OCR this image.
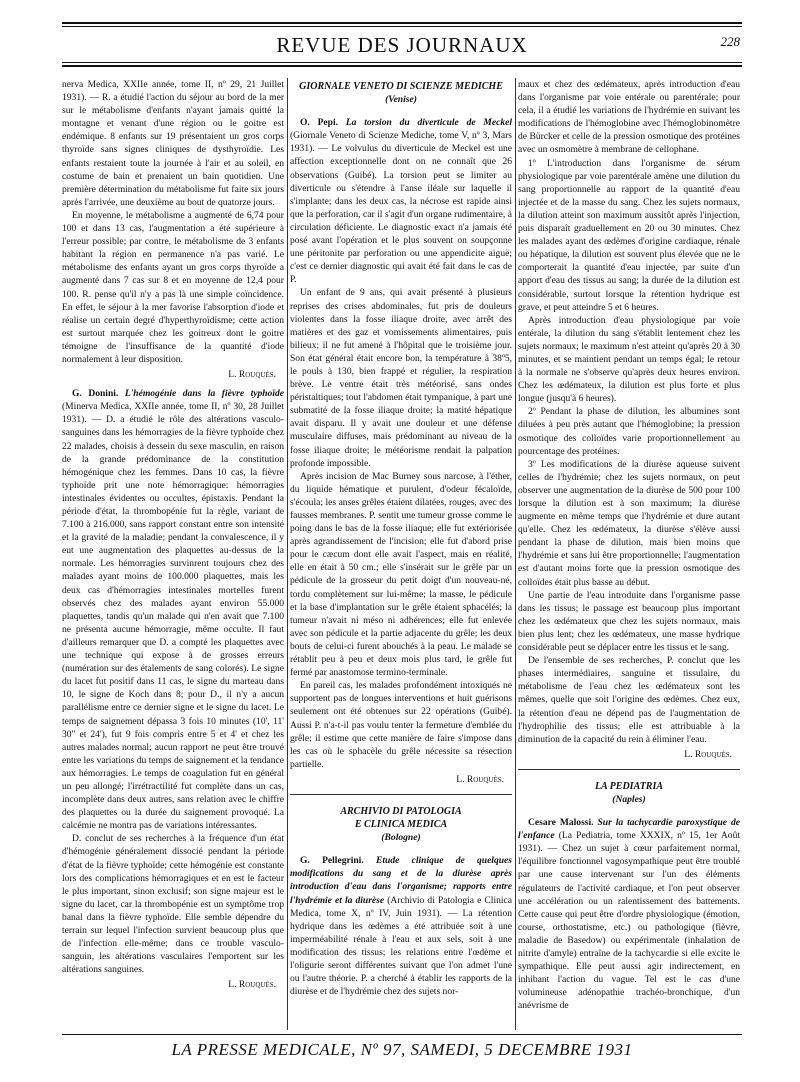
REVUE DES JOURNAUX	228

nerva Medica, XXIIe année, tome II, nº 29, 21 Juillet 1931). — R. a étudié l'action du séjour au bord de la mer sur le métabolisme d'enfants n'ayant jamais quitté la montagne et venant d'une région ou le goitre est endémique. 8 enfants sur 19 présentaient un gros corps thyroïde sans signes cliniques de dysthyroïdie. Les enfants restaient toute la journée à l'air et au soleil, en costume de bain et prenaient un bain quotidien. Une première détermination du métabolisme fut faite six jours après l'arrivée, une deuxième au bout de quatorze jours.

En moyenne, le métabolisme a augmenté de 6,74 pour 100 et dans 13 cas, l'augmentation a été supérieure à l'erreur possible; par contre, le métabolisme de 3 enfants habitant la région en permanence n'a pas varié. Le métabolisme des enfants ayant un gros corps thyroïde a augmenté dans 7 cas sur 8 et en moyenne de 12,4 pour 100. R. pense qu'il n'y a pas là une simple coïncidence. En effet, le séjour à la mer favorise l'absorption d'iode et réalise un certain degré d'hyperthyroïdisme; cette action est surtout marquée chez les goitreux dont le goitre témoigne de l'insuffisance de la quantité d'iode normalement à leur disposition.

L. Rouquès.

G. Donini. L'hémogénie dans la fièvre typhoïde (Minerva Medica, XXIIe année, tome II, nº 30, 28 Juillet 1931). — D. a étudié le rôle des altérations vasculo-sanguines dans les hémorragies de la fièvre typhoïde chez 22 malades, choisis à dessein du sexe masculin, en raison de la grande prédominance de la constitution hémogénique chez les femmes. Dans 10 cas, la fièvre typhoïde prit une note hémorragique: hémorragies intestinales évidentes ou occultes, épistaxis. Pendant la période d'état, la thrombopénie fut la règle, variant de 7.100 à 216.000, sans rapport constant entre son intensité et la gravité de la maladie; pendant la convalescence, il y eut une augmentation des plaquettes au-dessus de la normale. Les hémorragies survinrent toujours chez des malades ayant moins de 100.000 plaquettes, mais les deux cas d'hémorragies intestinales mortelles furent observés chez des malades ayant environ 55.000 plaquettes, tandis qu'un malade qui n'en avait que 7.100 ne présenta aucune hémorragie, même occulte. Il faut d'ailleurs remarquer que D. a compté les plaquettes avec une technique qui expose à de grosses erreurs (numération sur des étalements de sang colorés). Le signe du lacet fut positif dans 11 cas, le signe du marteau dans 10, le signe de Koch dans 8; pour D., il n'y a aucun parallélisme entre ce dernier signe et le signe du lacet. Le temps de saignement dépassa 3 fois 10 minutes (10', 11' 30" et 24'), fut 9 fois compris entre 5 et 4' et chez les autres malades normal; aucun rapport ne peut être trouvé entre les variations du temps de saignement et la tendance aux hémorragies. Le temps de coagulation fut en général un peu allongé; l'irrétractilité fut complète dans un cas, incomplète dans deux autres, sans relation avec le chiffre des plaquettes ou la durée du saignement provoqué. La calcémie ne montra pas de variations intéressantes.

D. conclut de ses recherches à la fréquence d'un état d'hémogénie généralement dissocié pendant la période d'état de la fièvre typhoïde; cette hémogénie est constante lors des complications hémorragiques et en est le facteur le plus important, sinon exclusif; son signe majeur est le signe du lacet, car la thrombopénie est un symptôme trop banal dans la fièvre typhoïde. Elle semble dépendre du terrain sur lequel l'infection survient beaucoup plus que de l'infection elle-même; dans ce trouble vasculo-sanguin, les altérations vasculaires l'emportent sur les altérations sanguines.

L. Rouquès.

GIORNALE VENETO DI SCIENZE MEDICHE
(Venise)

O. Pepi. La torsion du diverticule de Meckel (Giornale Veneto di Scienze Mediche, tome V, nº 3, Mars 1931). — Le volvulus du diverticule de Meckel est une affection exceptionnelle dont on ne connaît que 26 observations (Guibé). La torsion peut se limiter au diverticule ou s'étendre à l'anse iléale sur laquelle il s'implante; dans les deux cas, la nécrose est rapide ainsi que la perforation, car il s'agit d'un organe rudimentaire, à circulation déficiente. Le diagnostic exact n'a jamais été posé avant l'opération et le plus souvent on soupçonne une péritonite par perforation ou une appendicite aiguë; c'est ce dernier diagnostic qui avait été fait dans le cas de P.

Un enfant de 9 ans, qui avait présenté à plusieurs reprises des crises abdominales, fut pris de douleurs violentes dans la fosse iliaque droite, avec arrêt des matières et des gaz et vomissements alimentaires, puis bilieux; il ne fut amené à l'hôpital que le troisième jour. Son état général était encore bon, la température à 38º5, le pouls à 130, bien frappé et régulier, la respiration brève. Le ventre était très météorisé, sans ondes péristaltiques; tout l'abdomen était tympanique, à part une submatité de la fosse iliaque droite; la matité hépatique avait disparu. Il y avait une douleur et une défense musculaire diffuses, mais prédominant au niveau de la fosse iliaque droite; le météorisme rendait la palpation profonde impossible.

Après incision de Mac Burney sous narcose, à l'éther, du liquide hématique et purulent, d'odeur fécaloïde, s'écoula; les anses grêles étaient dilatées, rouges, avec des fausses membranes. P. sentit une tumeur grosse comme le poing dans le bas de la fosse iliaque; elle fut extériorisée après agrandissement de l'incision; elle fut d'abord prise pour le cæcum dont elle avait l'aspect, mais en réalité, elle en était à 50 cm.; elle s'insérait sur le grêle par un pédicule de la grosseur du petit doigt d'un nouveau-né, tordu complètement sur lui-même; la masse, le pédicule et la base d'implantation sur le grêle étaient sphacélés; la tumeur n'avait ni méso ni adhérences; elle fut enlevée avec son pédicule et la partie adjacente du grêle; les deux bouts de celui-ci furent abouchés à la peau. Le malade se rétablit peu à peu et deux mois plus tard, le grêle fut fermé par anastomose termino-terminale.

En pareil cas, les malades profondément intoxiqués ne supportent pas de longues interventions et huit guérisons seulement ont été obtenues sur 22 opérations (Guibé). Aussi P. n'a-t-il pas voulu tenter la fermeture d'emblée du grêle; il estime que cette manière de faire s'impose dans les cas où le sphacèle du grêle nécessite sa résection partielle.

L. Rouquès.

ARCHIVIO DI PATOLOGIA
E CLINICA MEDICA
(Bologne)

G. Pellegrini. Etude clinique de quelques modifications du sang et de la diurèse après introduction d'eau dans l'organisme; rapports entre l'hydrémie et la diurèse (Archivio di Patologia e Clinica Medica, tome X, nº IV, Juin 1931). — La rétention hydrique dans les œdèmes a été attribuée soit à une imperméabilité rénale à l'eau et aux sels, soit à une modification des tissus; les relations entre l'œdème et l'oligurie seront différentes suivant que l'on admet l'une ou l'autre théorie. P. a cherché à établir les rapports de la diurèse et de l'hydrémie chez des sujets nor-

maux et chez des œdémateux, après introduction d'eau dans l'organisme par voie entérale ou parentérale; pour cela, il a étudié les variations de l'hydrémie en suivant les modifications de l'hémoglobine avec l'hémoglobinomètre de Bürcker et celle de la pression osmotique des protéines avec un osmomètre à membrane de cellophane.

1º L'introduction dans l'organisme de sérum physiologique par voie parentérale amène une dilution du sang proportionnelle au rapport de la quantité d'eau injectée et de la masse du sang. Chez les sujets normaux, la dilution atteint son maximum aussitôt après l'injection, puis disparaît graduellement en 20 ou 30 minutes. Chez les malades ayant des œdèmes d'origine cardiaque, rénale ou hépatique, la dilution est souvent plus élevée que ne le comporterait la quantité d'eau injectée, par suite d'un apport d'eau des tissus au sang; la durée de la dilution est considérable, surtout lorsque la rétention hydrique est grave, et peut atteindre 5 et 6 heures.

Après introduction d'eau physiologique par voie entérale, la dilution du sang s'établit lentement chez les sujets normaux; le maximum n'est atteint qu'après 20 à 30 minutes, et se maintient pendant un temps égal; le retour à la normale ne s'observe qu'après deux heures environ. Chez les œdémateux, la dilution est plus forte et plus longue (jusqu'à 6 heures).

2º Pendant la phase de dilution, les albumines sont diluées à peu près autant que l'hémoglobine; la pression osmotique des colloïdes varie proportionnellement au pourcentage des protéines.

3º Les modifications de la diurèse aqueuse suivent celles de l'hydrémie; chez les sujets normaux, on peut observer une augmentation de la diurèse de 500 pour 100 lorsque la dilution est à son maximum; la diurèse augmente en même temps que l'hydrémie et dure autant qu'elle. Chez les œdémateux, la diurèse s'élève aussi pendant la phase de dilution, mais bien moins que l'hydrémie et sans lui être proportionnelle; l'augmentation est d'autant moins forte que la pression osmotique des colloïdes était plus basse au début.

Une partie de l'eau introduite dans l'organisme passe dans les tissus; le passage est beaucoup plus important chez les œdémateux que chez les sujets normaux, mais bien plus lent; chez les œdémateux, une masse hydrique considérable peut se déplacer entre les tissus et le sang.

De l'ensemble de ses recherches, P. conclut que les phases intermédiaires, sanguine et tissulaire, du métabolisme de l'eau chez les œdémateux sont les mêmes, quelle que soit l'origine des œdèmes. Chez eux, la rétention d'eau ne dépend pas de l'augmentation de l'hydrophilie des tissus; elle est attribuable à la diminution de la capacité du rein à éliminer l'eau.

L. Rouquès.

LA PEDIATRIA
(Naples)

Cesare Malossi. Sur la tachycardie paroxystique de l'enfance (La Pediatria, tome XXXIX, nº 15, 1er Août 1931). — Chez un sujet à cœur parfaitement normal, l'équilibre fonctionnel vagosympathique peut être troublé par une cause intervenant sur l'un des éléments régulateurs de l'activité cardiaque, et l'on peut observer une accélération ou un ralentissement des battements. Cette cause qui peut être d'ordre physiologique (émotion, course, orthostatisme, etc.) ou pathologique (fièvre, maladie de Basedow) ou expérimentale (inhalation de nitrite d'amyle) entraîne de la tachycardie si elle excite le sympathique. Elle peut aussi agir indirectement, en inhibant l'action du vague. Tel est le cas d'une volumineuse adénopathie trachéo-bronchique, d'un anévrisme de

LA PRESSE MEDICALE, Nº 97, SAMEDI, 5 DECEMBRE 1931
